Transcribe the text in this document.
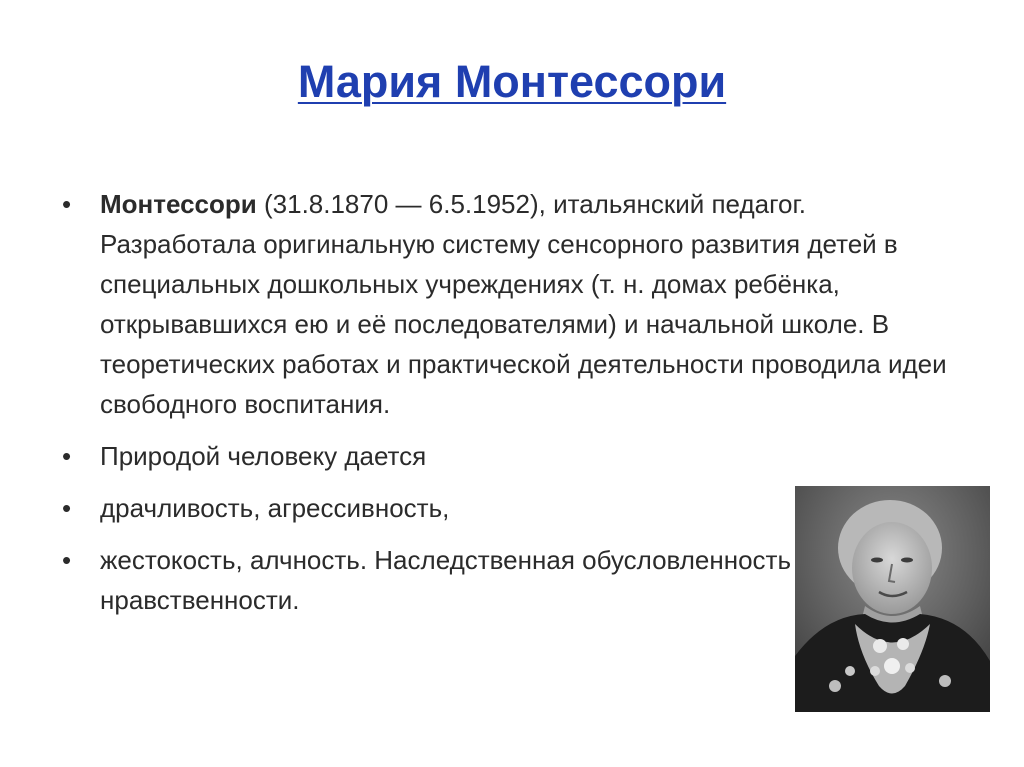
Мария Монтессори
•	Монтессори (31.8.1870 — 6.5.1952), итальянский педагог. Разработала оригинальную систему сенсорного развития детей в специальных дошкольных учреждениях (т. н. домах ребёнка, открывавшихся ею и её последователями) и начальной школе. В теоретических работах и практической деятельности проводила идеи свободного воспитания.
•	Природой человеку дается
•	драчливость, агрессивность,
•	жестокость, алчность. Наследственная обусловленность нравственности.
